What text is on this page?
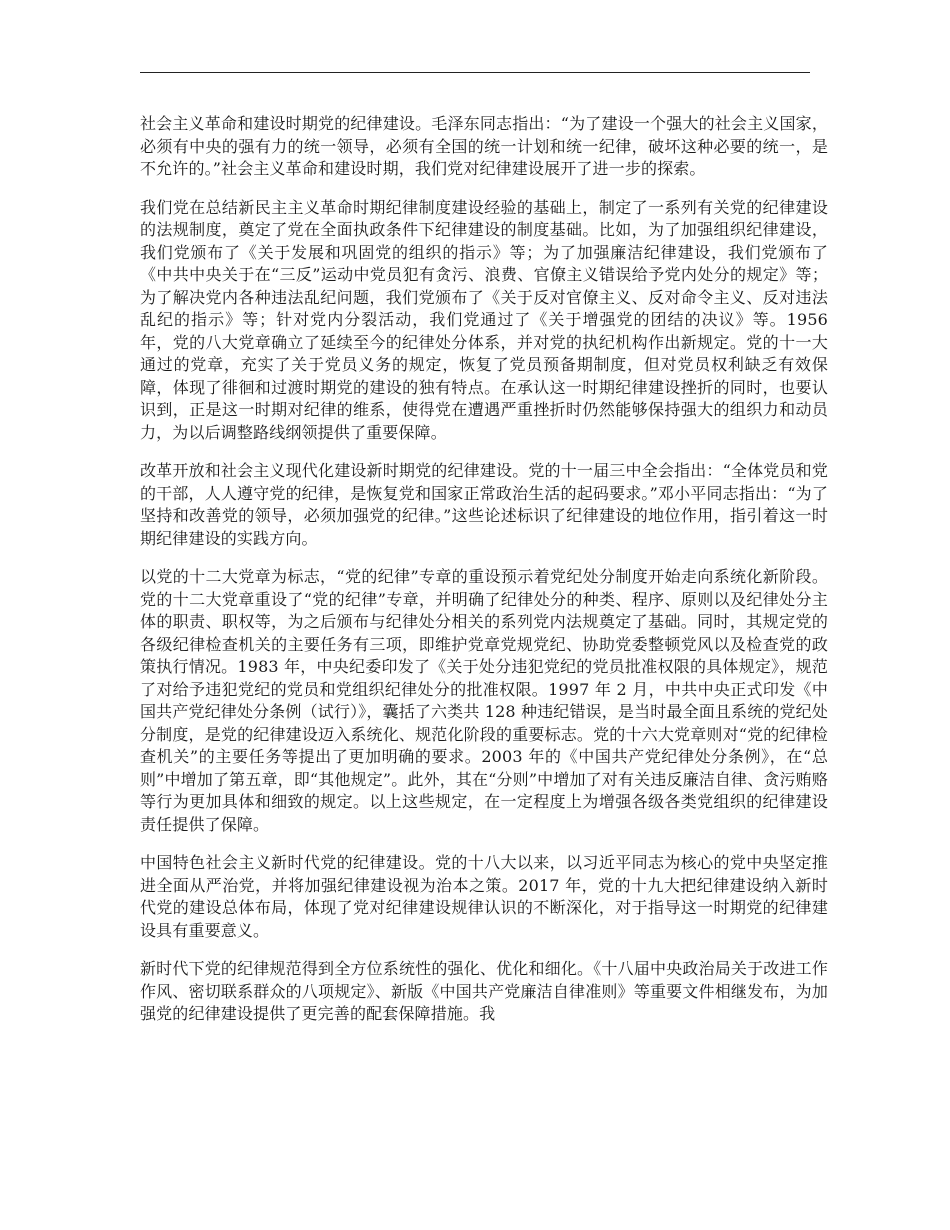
社会主义革命和建设时期党的纪律建设。毛泽东同志指出：“为了建设一个强大的社会主义国家，必须有中央的强有力的统一领导，必须有全国的统一计划和统一纪律，破坏这种必要的统一，是不允许的。”社会主义革命和建设时期，我们党对纪律建设展开了进一步的探索。

我们党在总结新民主主义革命时期纪律制度建设经验的基础上，制定了一系列有关党的纪律建设的法规制度，奠定了党在全面执政条件下纪律建设的制度基础。比如，为了加强组织纪律建设，我们党颁布了《关于发展和巩固党的组织的指示》等；为了加强廉洁纪律建设，我们党颁布了《中共中央关于在“三反”运动中党员犯有贪污、浪费、官僚主义错误给予党内处分的规定》等；为了解决党内各种违法乱纪问题，我们党颁布了《关于反对官僚主义、反对命令主义、反对违法乱纪的指示》等；针对党内分裂活动，我们党通过了《关于增强党的团结的决议》等。1956 年，党的八大党章确立了延续至今的纪律处分体系，并对党的执纪机构作出新规定。党的十一大通过的党章，充实了关于党员义务的规定，恢复了党员预备期制度，但对党员权利缺乏有效保障，体现了徘徊和过渡时期党的建设的独有特点。在承认这一时期纪律建设挫折的同时，也要认识到，正是这一时期对纪律的维系，使得党在遭遇严重挫折时仍然能够保持强大的组织力和动员力，为以后调整路线纲领提供了重要保障。

改革开放和社会主义现代化建设新时期党的纪律建设。党的十一届三中全会指出：“全体党员和党的干部，人人遵守党的纪律，是恢复党和国家正常政治生活的起码要求。”邓小平同志指出：“为了坚持和改善党的领导，必须加强党的纪律。”这些论述标识了纪律建设的地位作用，指引着这一时期纪律建设的实践方向。

以党的十二大党章为标志，“党的纪律”专章的重设预示着党纪处分制度开始走向系统化新阶段。党的十二大党章重设了“党的纪律”专章，并明确了纪律处分的种类、程序、原则以及纪律处分主体的职责、职权等，为之后颁布与纪律处分相关的系列党内法规奠定了基础。同时，其规定党的各级纪律检查机关的主要任务有三项，即维护党章党规党纪、协助党委整顿党风以及检查党的政策执行情况。1983 年，中央纪委印发了《关于处分违犯党纪的党员批准权限的具体规定》，规范了对给予违犯党纪的党员和党组织纪律处分的批准权限。1997 年 2 月，中共中央正式印发《中国共产党纪律处分条例（试行）》，囊括了六类共 128 种违纪错误，是当时最全面且系统的党纪处分制度，是党的纪律建设迈入系统化、规范化阶段的重要标志。党的十六大党章则对“党的纪律检查机关”的主要任务等提出了更加明确的要求。2003 年的《中国共产党纪律处分条例》，在“总则”中增加了第五章，即“其他规定”。此外，其在“分则”中增加了对有关违反廉洁自律、贪污贿赂等行为更加具体和细致的规定。以上这些规定，在一定程度上为增强各级各类党组织的纪律建设责任提供了保障。

中国特色社会主义新时代党的纪律建设。党的十八大以来，以习近平同志为核心的党中央坚定推进全面从严治党，并将加强纪律建设视为治本之策。2017 年，党的十九大把纪律建设纳入新时代党的建设总体布局，体现了党对纪律建设规律认识的不断深化，对于指导这一时期党的纪律建设具有重要意义。

新时代下党的纪律规范得到全方位系统性的强化、优化和细化。《十八届中央政治局关于改进工作作风、密切联系群众的八项规定》、新版《中国共产党廉洁自律准则》等重要文件相继发布，为加强党的纪律建设提供了更完善的配套保障措施。我
